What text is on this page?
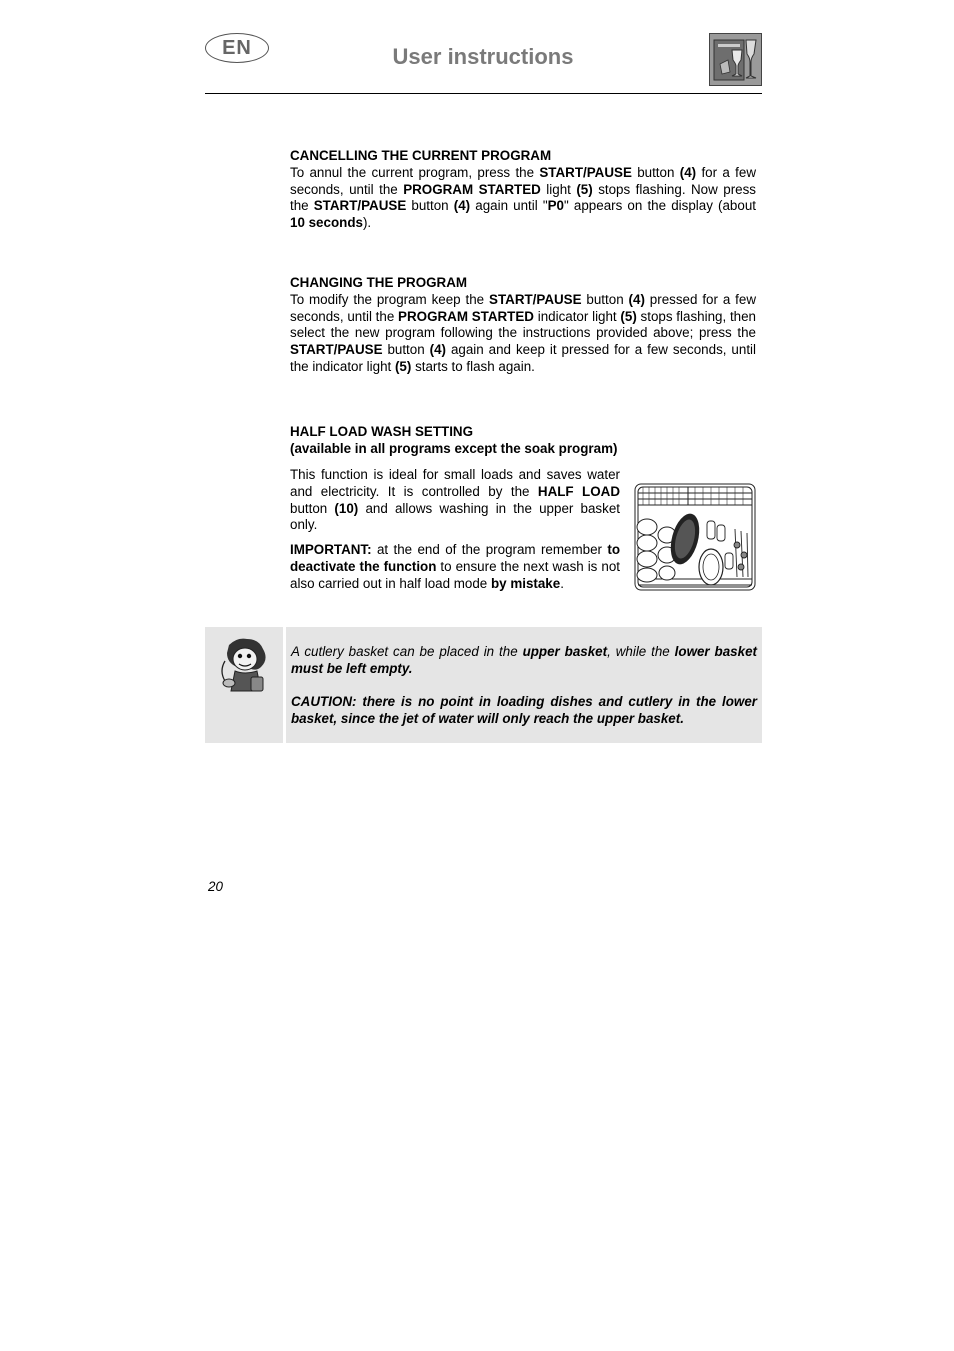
EN	User instructions
CANCELLING THE CURRENT PROGRAM

To annul the current program, press the START/PAUSE button (4) for a few seconds, until the PROGRAM STARTED light (5) stops flashing. Now press the START/PAUSE button (4) again until "P0" appears on the display (about 10 seconds).

CHANGING THE PROGRAM

To modify the program keep the START/PAUSE button (4) pressed for a few seconds, until the PROGRAM STARTED indicator light (5) stops flashing, then select the new program following the instructions provided above; press the START/PAUSE button (4) again and keep it pressed for a few seconds, until the indicator light (5) starts to flash again.

HALF LOAD WASH SETTING
(available in all programs except the soak program)

This function is ideal for small loads and saves water and electricity. It is controlled by the HALF LOAD button (10) and allows washing in the upper basket only.

IMPORTANT: at the end of the program remember to deactivate the function to ensure the next wash is not also carried out in half load mode by mistake.

A cutlery basket can be placed in the upper basket, while the lower basket must be left empty.

CAUTION: there is no point in loading dishes and cutlery in the lower basket, since the jet of water will only reach the upper basket.

20
